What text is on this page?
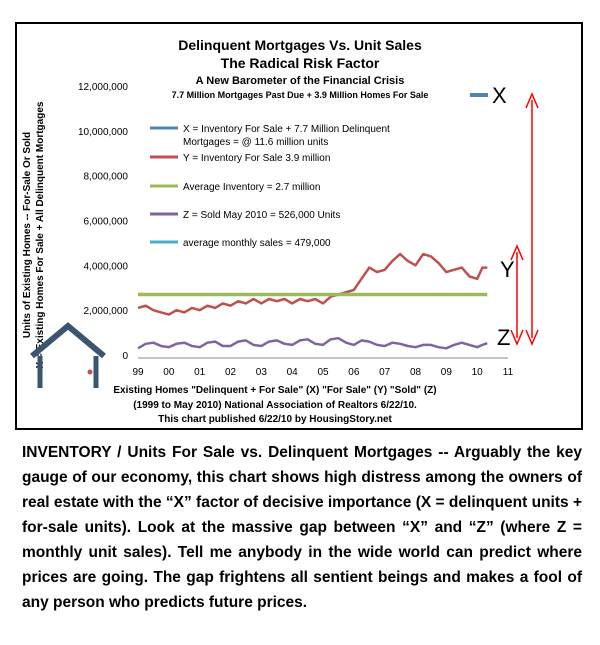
Delinquent Mortgages Vs. Unit Sales
The Radical Risk Factor
A New Barometer of the Financial Crisis
7.7 Million Mortgages Past Due + 3.9 Million Homes For Sale
Units of Existing Homes -- For-Sale Or Sold X = Existing Homes For Sale + All Delinquent Mortgages	0
2,000,000
4,000,000
6,000,000
8,000,000
10,000,000
12,000,000
99 00 01 02 03 04 05 06 07 08 09 10 11
X = Inventory For Sale + 7.7 Million Delinquent
Mortgages = @ 11.6 million units
Y = Inventory For Sale 3.9 million
Average Inventory = 2.7 million
Z = Sold May 2010 = 526,000 Units
average monthly sales = 479,000
Existing Homes "Delinquent + For Sale" (X) "For Sale" (Y) "Sold" (Z)
(1999 to May 2010) National Association of Realtors 6/22/10.
This chart published 6/22/10 by HousingStory.net
X
Y
Z
INVENTORY / Units For Sale vs. Delinquent Mortgages -- Arguably the key gauge of our economy, this chart shows high distress among the owners of real estate with the “X” factor of decisive importance (X = delinquent units + for-sale units). Look at the massive gap between “X” and “Z” (where Z = monthly unit sales). Tell me anybody in the wide world can predict where prices are going. The gap frightens all sentient beings and makes a fool of any person who predicts future prices.
